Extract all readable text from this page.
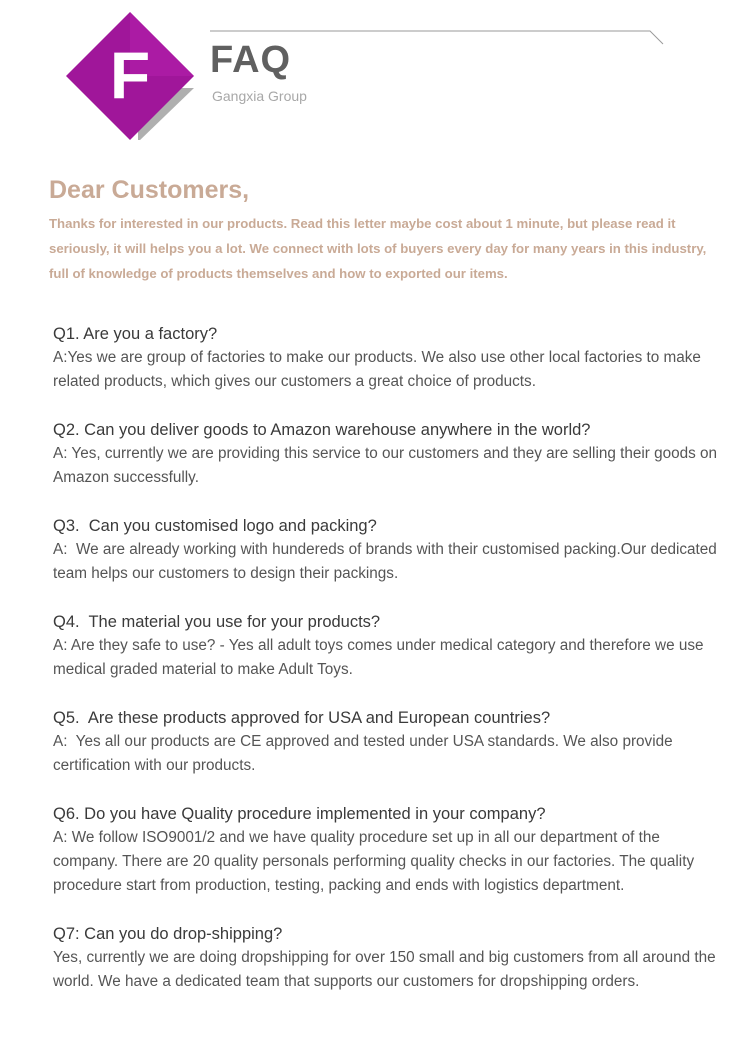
F FAQ
Gangxia Group
Dear Customers,
Thanks for interested in our products. Read this letter maybe cost about 1 minute, but please read it seriously, it will helps you a lot. We connect with lots of buyers every day for many years in this industry, full of knowledge of products themselves and how to exported our items.
Q1. Are you a factory?
A:Yes we are group of factories to make our products. We also use other local factories to make related products, which gives our customers a great choice of products.
Q2. Can you deliver goods to Amazon warehouse anywhere in the world?
A: Yes, currently we are providing this service to our customers and they are selling their goods on Amazon successfully.
Q3.  Can you customised logo and packing?
A:  We are already working with hundereds of brands with their customised packing.Our dedicated team helps our customers to design their packings.
Q4.  The material you use for your products?
A: Are they safe to use? - Yes all adult toys comes under medical category and therefore we use medical graded material to make Adult Toys.
Q5.  Are these products approved for USA and European countries?
A:  Yes all our products are CE approved and tested under USA standards. We also provide certification with our products.
Q6. Do you have Quality procedure implemented in your company?
A: We follow ISO9001/2 and we have quality procedure set up in all our department of the company. There are 20 quality personals performing quality checks in our factories. The quality procedure start from production, testing, packing and ends with logistics department.
Q7: Can you do drop-shipping?
Yes, currently we are doing dropshipping for over 150 small and big customers from all around the world. We have a dedicated team that supports our customers for dropshipping orders.
